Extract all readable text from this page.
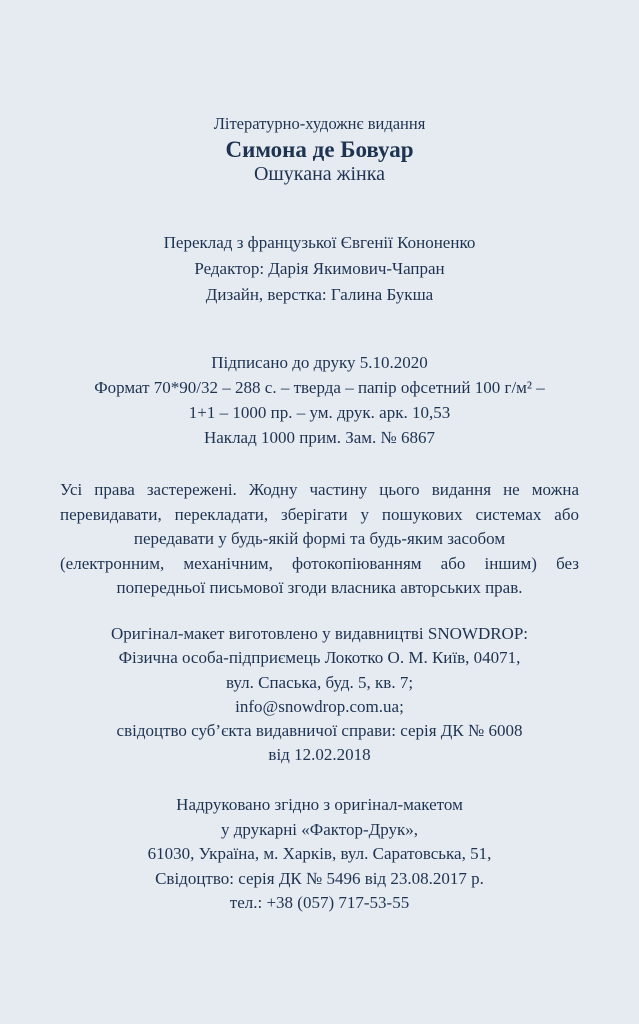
Літературно-художнє видання
Симона де Бовуар
Ошукана жінка
Переклад з французької Євгенії Кононенко
Редактор: Дарія Якимович-Чапран
Дизайн, верстка: Галина Букша
Підписано до друку 5.10.2020
Формат 70*90/32 – 288 с. – тверда – папір офсетний 100 г/м² –
1+1 – 1000 пр. – ум. друк. арк. 10,53
Наклад 1000 прим. Зам. № 6867
Усі права застережені. Жодну частину цього видання не можна
перевидавати, перекладати, зберігати у пошукових системах або
передавати у будь-якій формі та будь-яким засобом
(електронним, механічним, фотокопіюванням або іншим) без
попередньої письмової згоди власника авторських прав.
Оригінал-макет виготовлено у видавництві SNOWDROP:
Фізична особа-підприємець Локотко О. М. Київ, 04071,
вул. Спаська, буд. 5, кв. 7;
info@snowdrop.com.ua;
свідоцтво суб’єкта видавничої справи: серія ДК № 6008
від 12.02.2018
Надруковано згідно з оригінал-макетом
у друкарні «Фактор-Друк»,
61030, Україна, м. Харків, вул. Саратовська, 51,
Свідоцтво: серія ДК № 5496 від 23.08.2017 р.
тел.: +38 (057) 717-53-55
